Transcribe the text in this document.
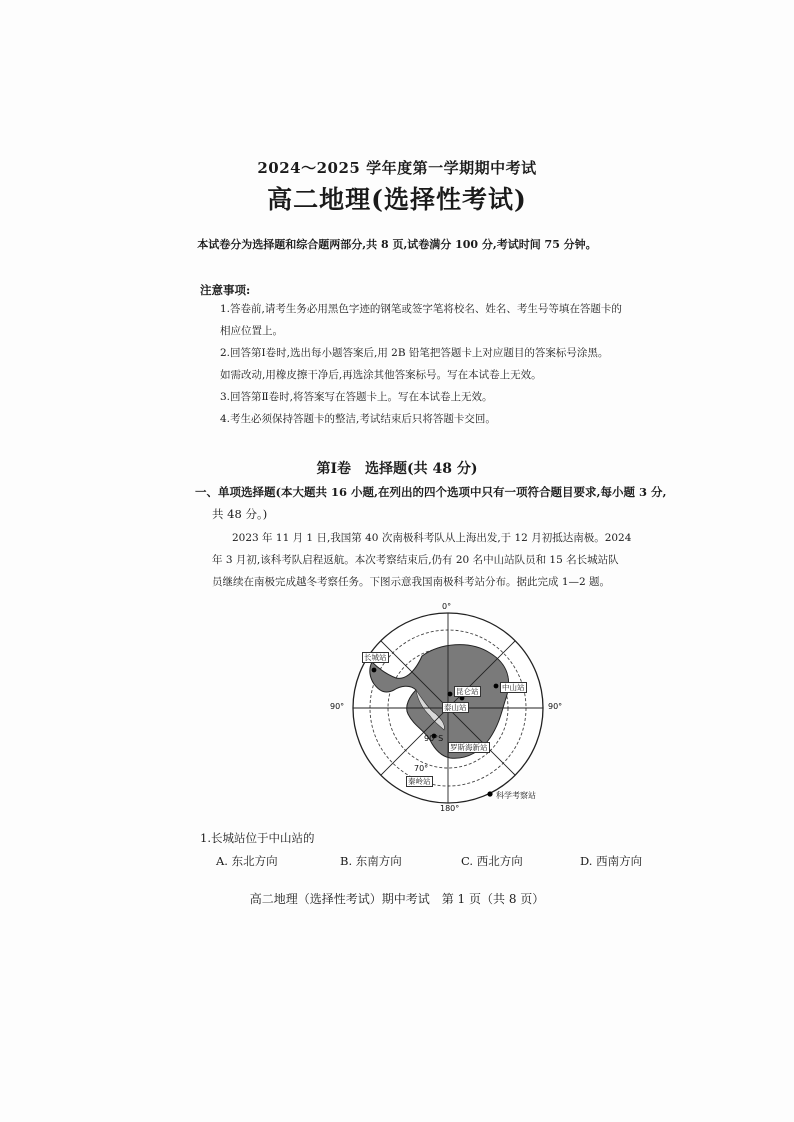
2024～2025 学年度第一学期期中考试
高二地理(选择性考试)
本试卷分为选择题和综合题两部分,共 8 页,试卷满分 100 分,考试时间 75 分钟。
注意事项:
1.答卷前,请考生务必用黑色字迹的钢笔或签字笔将校名、姓名、考生号等填在答题卡的
相应位置上。
2.回答第Ⅰ卷时,选出每小题答案后,用 2B 铅笔把答题卡上对应题目的答案标号涂黑。
如需改动,用橡皮擦干净后,再选涂其他答案标号。写在本试卷上无效。
3.回答第Ⅱ卷时,将答案写在答题卡上。写在本试卷上无效。
4.考生必须保持答题卡的整洁,考试结束后只将答题卡交回。
第Ⅰ卷　选择题(共 48 分)
一、单项选择题(本大题共 16 小题,在列出的四个选项中只有一项符合题目要求,每小题 3 分,
共 48 分。)
2023 年 11 月 1 日,我国第 40 次南极科考队从上海出发,于 12 月初抵达南极。2024
年 3 月初,该科考队启程返航。本次考察结束后,仍有 20 名中山站队员和 15 名长城站队
员继续在南极完成越冬考察任务。下图示意我国南极科考站分布。据此完成 1—2 题。
0°
90°	90°
180°
90°S
70°
长城站
中山站
昆仑站
泰山站
秦岭站
罗斯海新站
科学考察站
1.长城站位于中山站的
A. 东北方向	B. 东南方向	C. 西北方向	D. 西南方向
高二地理（选择性考试）期中考试　第 1 页（共 8 页）
